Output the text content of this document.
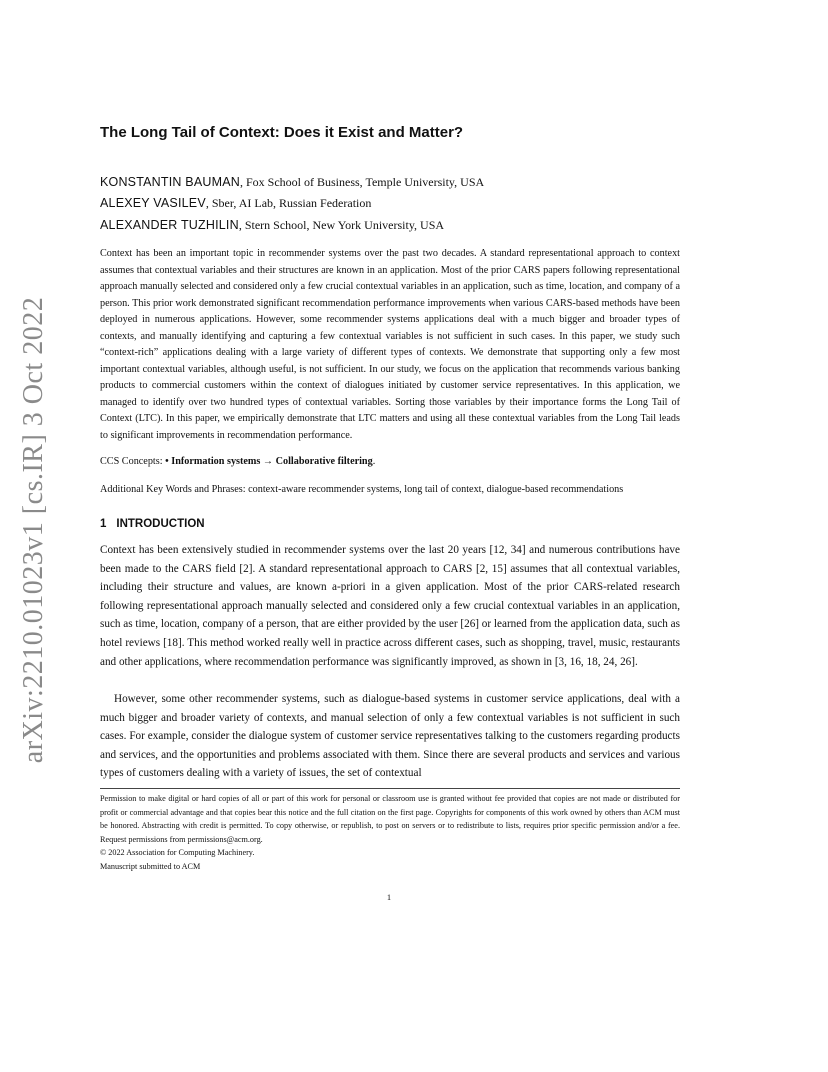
arXiv:2210.01023v1 [cs.IR] 3 Oct 2022
The Long Tail of Context: Does it Exist and Matter?
KONSTANTIN BAUMAN, Fox School of Business, Temple University, USA
ALEXEY VASILEV, Sber, AI Lab, Russian Federation
ALEXANDER TUZHILIN, Stern School, New York University, USA

Context has been an important topic in recommender systems over the past two decades. A standard representational approach to context assumes that contextual variables and their structures are known in an application. Most of the prior CARS papers following representational approach manually selected and considered only a few crucial contextual variables in an application, such as time, location, and company of a person. This prior work demonstrated significant recommendation performance improvements when various CARS-based methods have been deployed in numerous applications. However, some recommender systems applications deal with a much bigger and broader types of contexts, and manually identifying and capturing a few contextual variables is not sufficient in such cases. In this paper, we study such “context-rich” applications dealing with a large variety of different types of contexts. We demonstrate that supporting only a few most important contextual variables, although useful, is not sufficient. In our study, we focus on the application that recommends various banking products to commercial customers within the context of dialogues initiated by customer service representatives. In this application, we managed to identify over two hundred types of contextual variables. Sorting those variables by their importance forms the Long Tail of Context (LTC). In this paper, we empirically demonstrate that LTC matters and using all these contextual variables from the Long Tail leads to significant improvements in recommendation performance.

CCS Concepts: • Information systems → Collaborative filtering.
Additional Key Words and Phrases: context-aware recommender systems, long tail of context, dialogue-based recommendations
1 INTRODUCTION

Context has been extensively studied in recommender systems over the last 20 years [12, 34] and numerous contributions have been made to the CARS field [2]. A standard representational approach to CARS [2, 15] assumes that all contextual variables, including their structure and values, are known a-priori in a given application. Most of the prior CARS-related research following representational approach manually selected and considered only a few crucial contextual variables in an application, such as time, location, company of a person, that are either provided by the user [26] or learned from the application data, such as hotel reviews [18]. This method worked really well in practice across different cases, such as shopping, travel, music, restaurants and other applications, where recommendation performance was significantly improved, as shown in [3, 16, 18, 24, 26].

However, some other recommender systems, such as dialogue-based systems in customer service applications, deal with a much bigger and broader variety of contexts, and manual selection of only a few contextual variables is not sufficient in such cases. For example, consider the dialogue system of customer service representatives talking to the customers regarding products and services, and the opportunities and problems associated with them. Since there are several products and services and various types of customers dealing with a variety of issues, the set of contextual

Permission to make digital or hard copies of all or part of this work for personal or classroom use is granted without fee provided that copies are not made or distributed for profit or commercial advantage and that copies bear this notice and the full citation on the first page. Copyrights for components of this work owned by others than ACM must be honored. Abstracting with credit is permitted. To copy otherwise, or republish, to post on servers or to redistribute to lists, requires prior specific permission and/or a fee. Request permissions from permissions@acm.org.

© 2022 Association for Computing Machinery.

Manuscript submitted to ACM

1
